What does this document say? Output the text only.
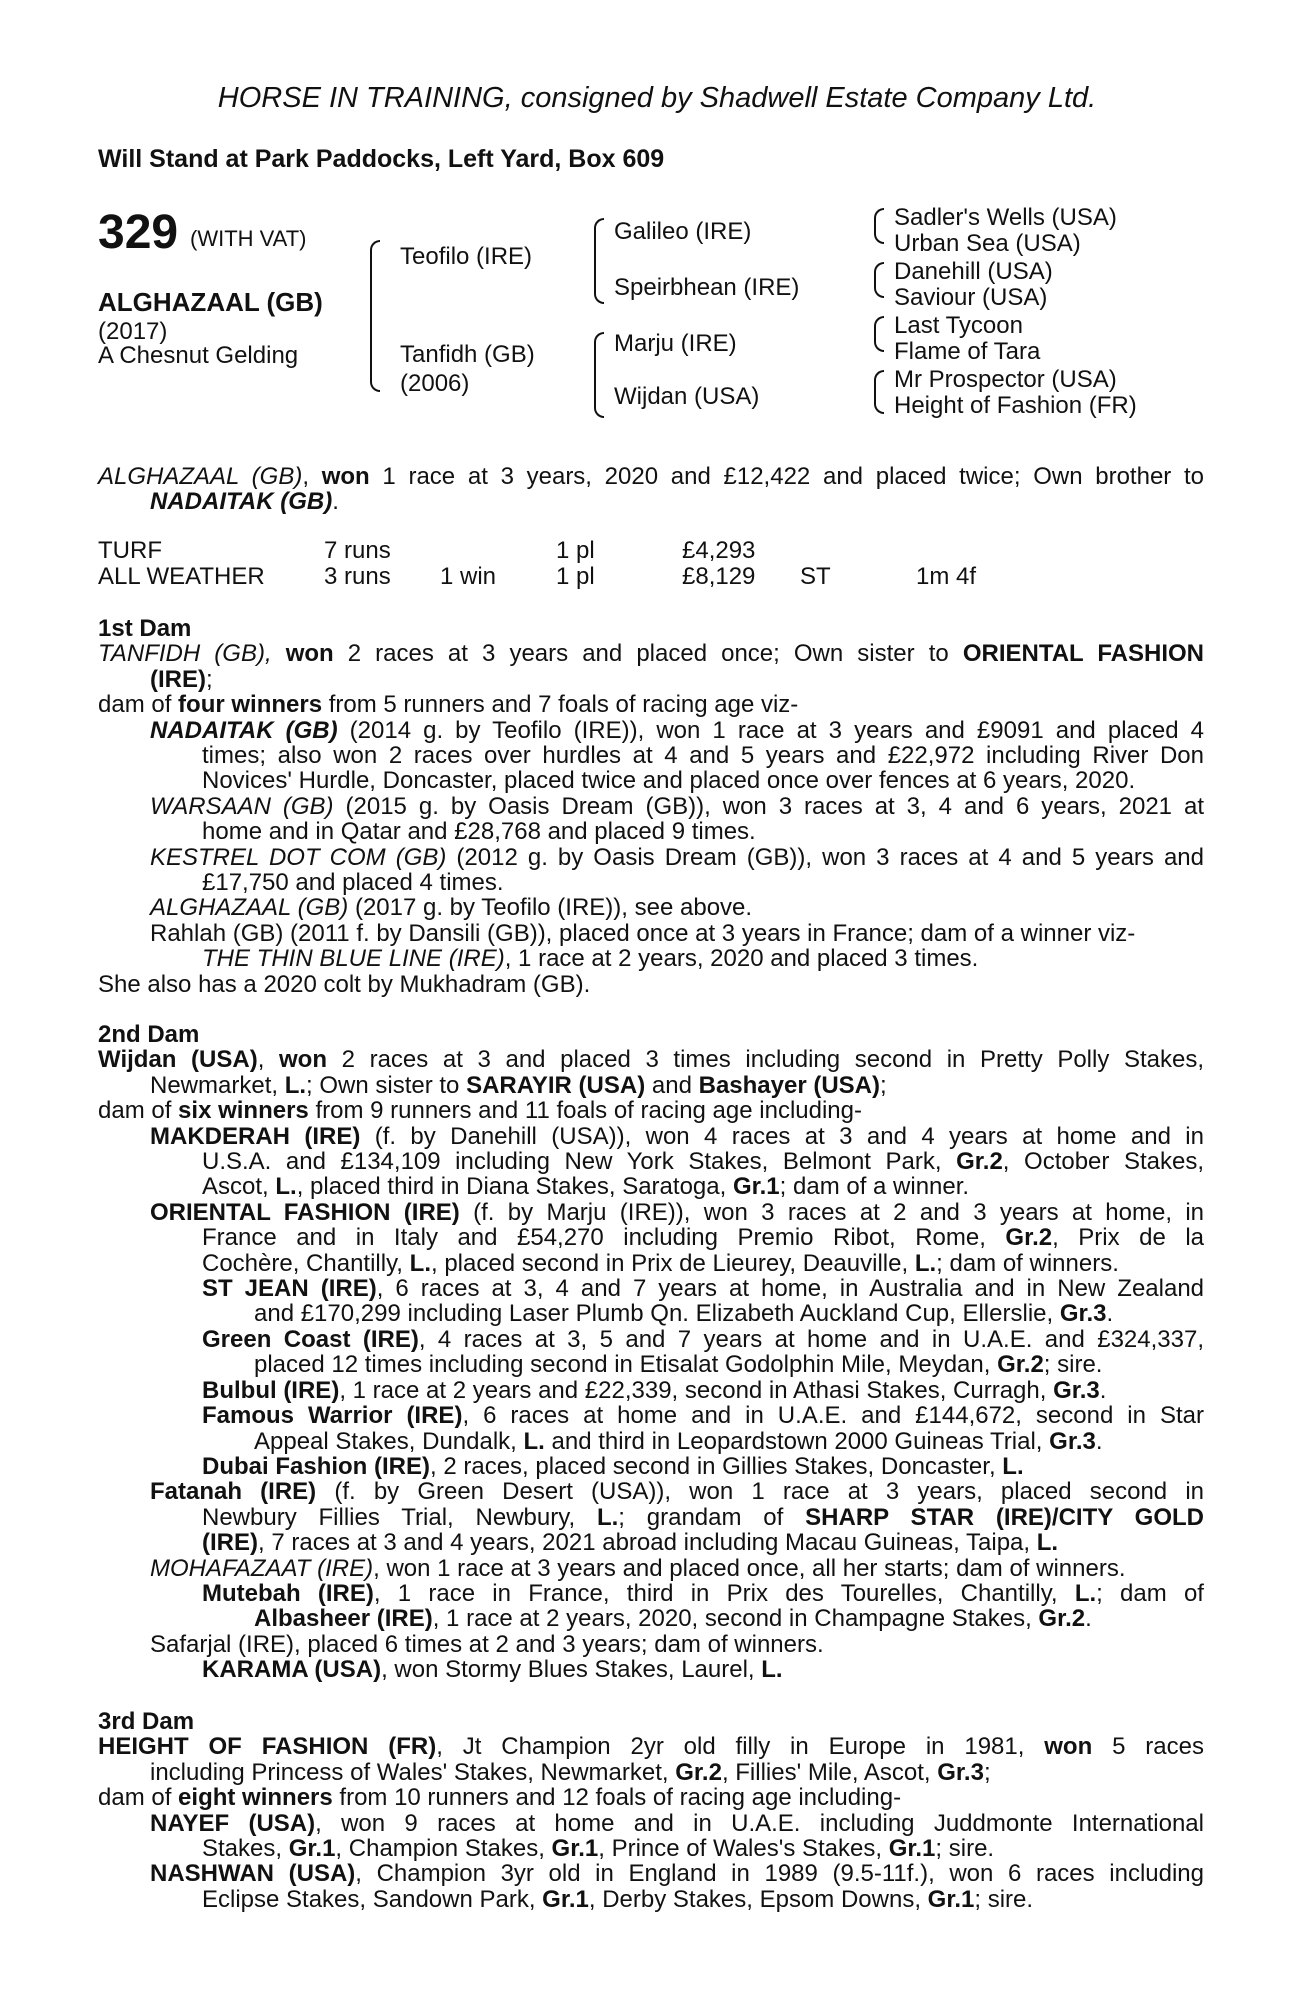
HORSE IN TRAINING, consigned by Shadwell Estate Company Ltd.
Will Stand at Park Paddocks, Left Yard, Box 609
329 (WITH VAT)
ALGHAZAAL (GB)
(2017)
A Chesnut Gelding
Teofilo (IRE)
Tanfidh (GB)
(2006)
Galileo (IRE)
Speirbhean (IRE)
Marju (IRE)
Wijdan (USA)
Sadler's Wells (USA)
Urban Sea (USA)
Danehill (USA)
Saviour (USA)
Last Tycoon
Flame of Tara
Mr Prospector (USA)
Height of Fashion (FR)
ALGHAZAAL (GB), won 1 race at 3 years, 2020 and £12,422 and placed twice; Own brother to
NADAITAK (GB).
TURF	7 runs	1 pl	£4,293
ALL WEATHER 3 runs 1 win 1 pl	£8,129 ST	1m 4f
1st Dam
TANFIDH (GB), won 2 races at 3 years and placed once; Own sister to ORIENTAL FASHION
(IRE);
dam of four winners from 5 runners and 7 foals of racing age viz-
NADAITAK (GB) (2014 g. by Teofilo (IRE)), won 1 race at 3 years and £9091 and placed 4
times; also won 2 races over hurdles at 4 and 5 years and £22,972 including River Don
Novices' Hurdle, Doncaster, placed twice and placed once over fences at 6 years, 2020.
WARSAAN (GB) (2015 g. by Oasis Dream (GB)), won 3 races at 3, 4 and 6 years, 2021 at
home and in Qatar and £28,768 and placed 9 times.
KESTREL DOT COM (GB) (2012 g. by Oasis Dream (GB)), won 3 races at 4 and 5 years and
£17,750 and placed 4 times.
ALGHAZAAL (GB) (2017 g. by Teofilo (IRE)), see above.
Rahlah (GB) (2011 f. by Dansili (GB)), placed once at 3 years in France; dam of a winner viz-
THE THIN BLUE LINE (IRE), 1 race at 2 years, 2020 and placed 3 times.
She also has a 2020 colt by Mukhadram (GB).
2nd Dam
Wijdan (USA), won 2 races at 3 and placed 3 times including second in Pretty Polly Stakes,
Newmarket, L.; Own sister to SARAYIR (USA) and Bashayer (USA);
dam of six winners from 9 runners and 11 foals of racing age including-
MAKDERAH (IRE) (f. by Danehill (USA)), won 4 races at 3 and 4 years at home and in
U.S.A. and £134,109 including New York Stakes, Belmont Park, Gr.2, October Stakes,
Ascot, L., placed third in Diana Stakes, Saratoga, Gr.1; dam of a winner.
ORIENTAL FASHION (IRE) (f. by Marju (IRE)), won 3 races at 2 and 3 years at home, in
France and in Italy and £54,270 including Premio Ribot, Rome, Gr.2, Prix de la
Cochère, Chantilly, L., placed second in Prix de Lieurey, Deauville, L.; dam of winners.
ST JEAN (IRE), 6 races at 3, 4 and 7 years at home, in Australia and in New Zealand
and £170,299 including Laser Plumb Qn. Elizabeth Auckland Cup, Ellerslie, Gr.3.
Green Coast (IRE), 4 races at 3, 5 and 7 years at home and in U.A.E. and £324,337,
placed 12 times including second in Etisalat Godolphin Mile, Meydan, Gr.2; sire.
Bulbul (IRE), 1 race at 2 years and £22,339, second in Athasi Stakes, Curragh, Gr.3.
Famous Warrior (IRE), 6 races at home and in U.A.E. and £144,672, second in Star
Appeal Stakes, Dundalk, L. and third in Leopardstown 2000 Guineas Trial, Gr.3.
Dubai Fashion (IRE), 2 races, placed second in Gillies Stakes, Doncaster, L.
Fatanah (IRE) (f. by Green Desert (USA)), won 1 race at 3 years, placed second in
Newbury Fillies Trial, Newbury, L.; grandam of SHARP STAR (IRE)/CITY GOLD
(IRE), 7 races at 3 and 4 years, 2021 abroad including Macau Guineas, Taipa, L.
MOHAFAZAAT (IRE), won 1 race at 3 years and placed once, all her starts; dam of winners.
Mutebah (IRE), 1 race in France, third in Prix des Tourelles, Chantilly, L.; dam of
Albasheer (IRE), 1 race at 2 years, 2020, second in Champagne Stakes, Gr.2.
Safarjal (IRE), placed 6 times at 2 and 3 years; dam of winners.
KARAMA (USA), won Stormy Blues Stakes, Laurel, L.
3rd Dam
HEIGHT OF FASHION (FR), Jt Champion 2yr old filly in Europe in 1981, won 5 races
including Princess of Wales' Stakes, Newmarket, Gr.2, Fillies' Mile, Ascot, Gr.3;
dam of eight winners from 10 runners and 12 foals of racing age including-
NAYEF (USA), won 9 races at home and in U.A.E. including Juddmonte International
Stakes, Gr.1, Champion Stakes, Gr.1, Prince of Wales's Stakes, Gr.1; sire.
NASHWAN (USA), Champion 3yr old in England in 1989 (9.5-11f.), won 6 races including
Eclipse Stakes, Sandown Park, Gr.1, Derby Stakes, Epsom Downs, Gr.1; sire.
